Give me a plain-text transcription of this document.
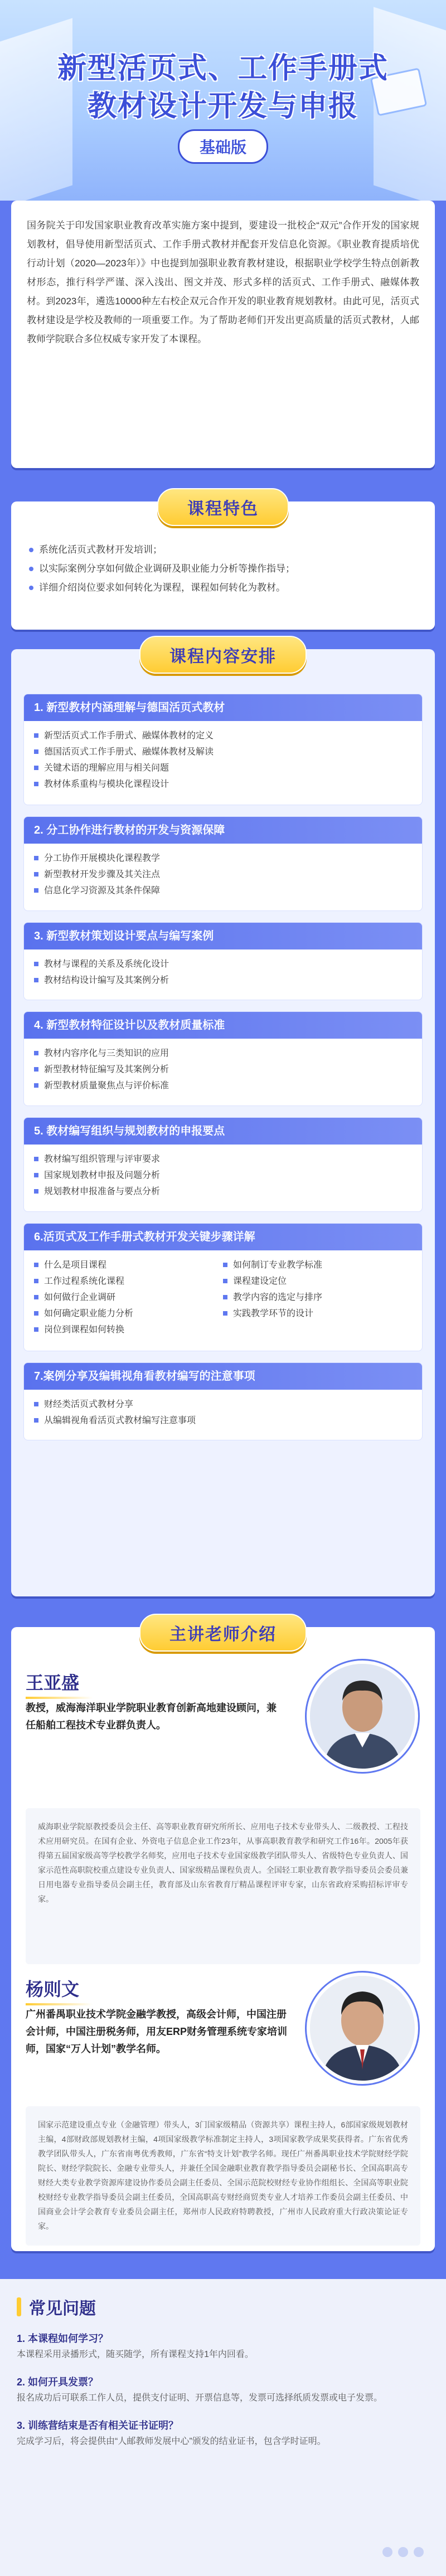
新型活页式、工作手册式
教材设计开发与申报
基础版

国务院关于印发国家职业教育改革实施方案中提到，要建设一批校企“双元”合作开发的国家规划教材，倡导使用新型活页式、工作手册式教材并配套开发信息化资源。《职业教育提质培优行动计划（2020—2023年）》中也提到加强职业教育教材建设，根据职业学校学生特点创新教材形态，推行科学严谨、深入浅出、图文并茂、形式多样的活页式、工作手册式、融媒体教材。到2023年，遴选10000种左右校企双元合作开发的职业教育规划教材。由此可见，活页式教材建设是学校及教师的一项重要工作。为了帮助老师们开发出更高质量的活页式教材，人邮教师学院联合多位权威专家开发了本课程。

课程特色
系统化活页式教材开发培训；
以实际案例分享如何做企业调研及职业能力分析等操作指导；
详细介绍岗位要求如何转化为课程，课程如何转化为教材。
课程内容安排
1. 新型教材内涵理解与德国活页式教材
新型活页式工作手册式、融媒体教材的定义
德国活页式工作手册式、融媒体教材及解读
关键术语的理解应用与相关问题
教材体系重构与模块化课程设计
2. 分工协作进行教材的开发与资源保障
分工协作开展模块化课程教学
新型教材开发步骤及其关注点
信息化学习资源及其条件保障
3. 新型教材策划设计要点与编写案例
教材与课程的关系及系统化设计
教材结构设计编写及其案例分析
4. 新型教材特征设计以及教材质量标准
教材内容序化与三类知识的应用
新型教材特征编写及其案例分析
新型教材质量聚焦点与评价标准
5. 教材编写组织与规划教材的申报要点
教材编写组织管理与评审要求
国家规划教材申报及问题分析
规划教材申报准备与要点分析
6.活页式及工作手册式教材开发关键步骤详解
什么是项目课程
工作过程系统化课程
如何做行企业调研
如何确定职业能力分析
岗位到课程如何转换
如何制订专业教学标准
课程建设定位
教学内容的选定与排序
实践教学环节的设计
7.案例分享及编辑视角看教材编写的注意事项
财经类活页式教材分享
从编辑视角看活页式教材编写注意事项
主讲老师介绍
王亚盛
教授，威海海洋职业学院职业教育创新高地建设顾问，兼任船舶工程技术专业群负责人。
威海职业学院原教授委员会主任、高等职业教育研究所所长、应用电子技术专业带头人、二级教授、工程技术应用研究员。在国有企业、外资电子信息企业工作23年，从事高职教育教学和研究工作16年。2005年获得第五届国家级高等学校教学名师奖，应用电子技术专业国家级教学团队带头人、省级特色专业负责人、国家示范性高职院校重点建设专业负责人、国家级精品课程负责人。全国轻工职业教育教学指导委员会委员兼日用电器专业指导委员会副主任，教育部及山东省教育厅精品课程评审专家，山东省政府采购招标评审专家。
杨则文
广州番禺职业技术学院金融学教授，高级会计师，中国注册会计师，中国注册税务师，用友ERP财务管理系统专家培训师，国家“万人计划”教学名师。
国家示范建设重点专业（金融管理）带头人，3门国家级精品（资源共享）课程主持人，6部国家级规划教材主编，4部财政部规划教材主编，4项国家级教学标准制定主持人，3项国家教学成果奖获得者。广东省优秀教学团队带头人，广东省南粤优秀教师，广东省“特支计划”教学名师。现任广州番禺职业技术学院财经学院院长、财经学院院长、金融专业带头人，并兼任全国金融职业教育教学指导委员会副秘书长、全国高职高专财经大类专业教学资源库建设协作委员会副主任委员、全国示范院校财经专业协作组组长、全国高等职业院校财经专业教学指导委员会副主任委员，全国高职高专财经商贸类专业人才培养工作委员会副主任委员、中国商业会计学会教育专业委员会副主任，郑州市人民政府特聘教授，广州市人民政府重大行政决策论证专家。
常见问题
1. 本课程如何学习？
本课程采用录播形式，随买随学，所有课程支持1年内回看。
2. 如何开具发票？
报名成功后可联系工作人员，提供支付证明、开票信息等，发票可选择纸质发票或电子发票。
3. 训练营结束是否有相关证书证明？
完成学习后，将会提供由“人邮教师发展中心”颁发的结业证书，包含学时证明。
